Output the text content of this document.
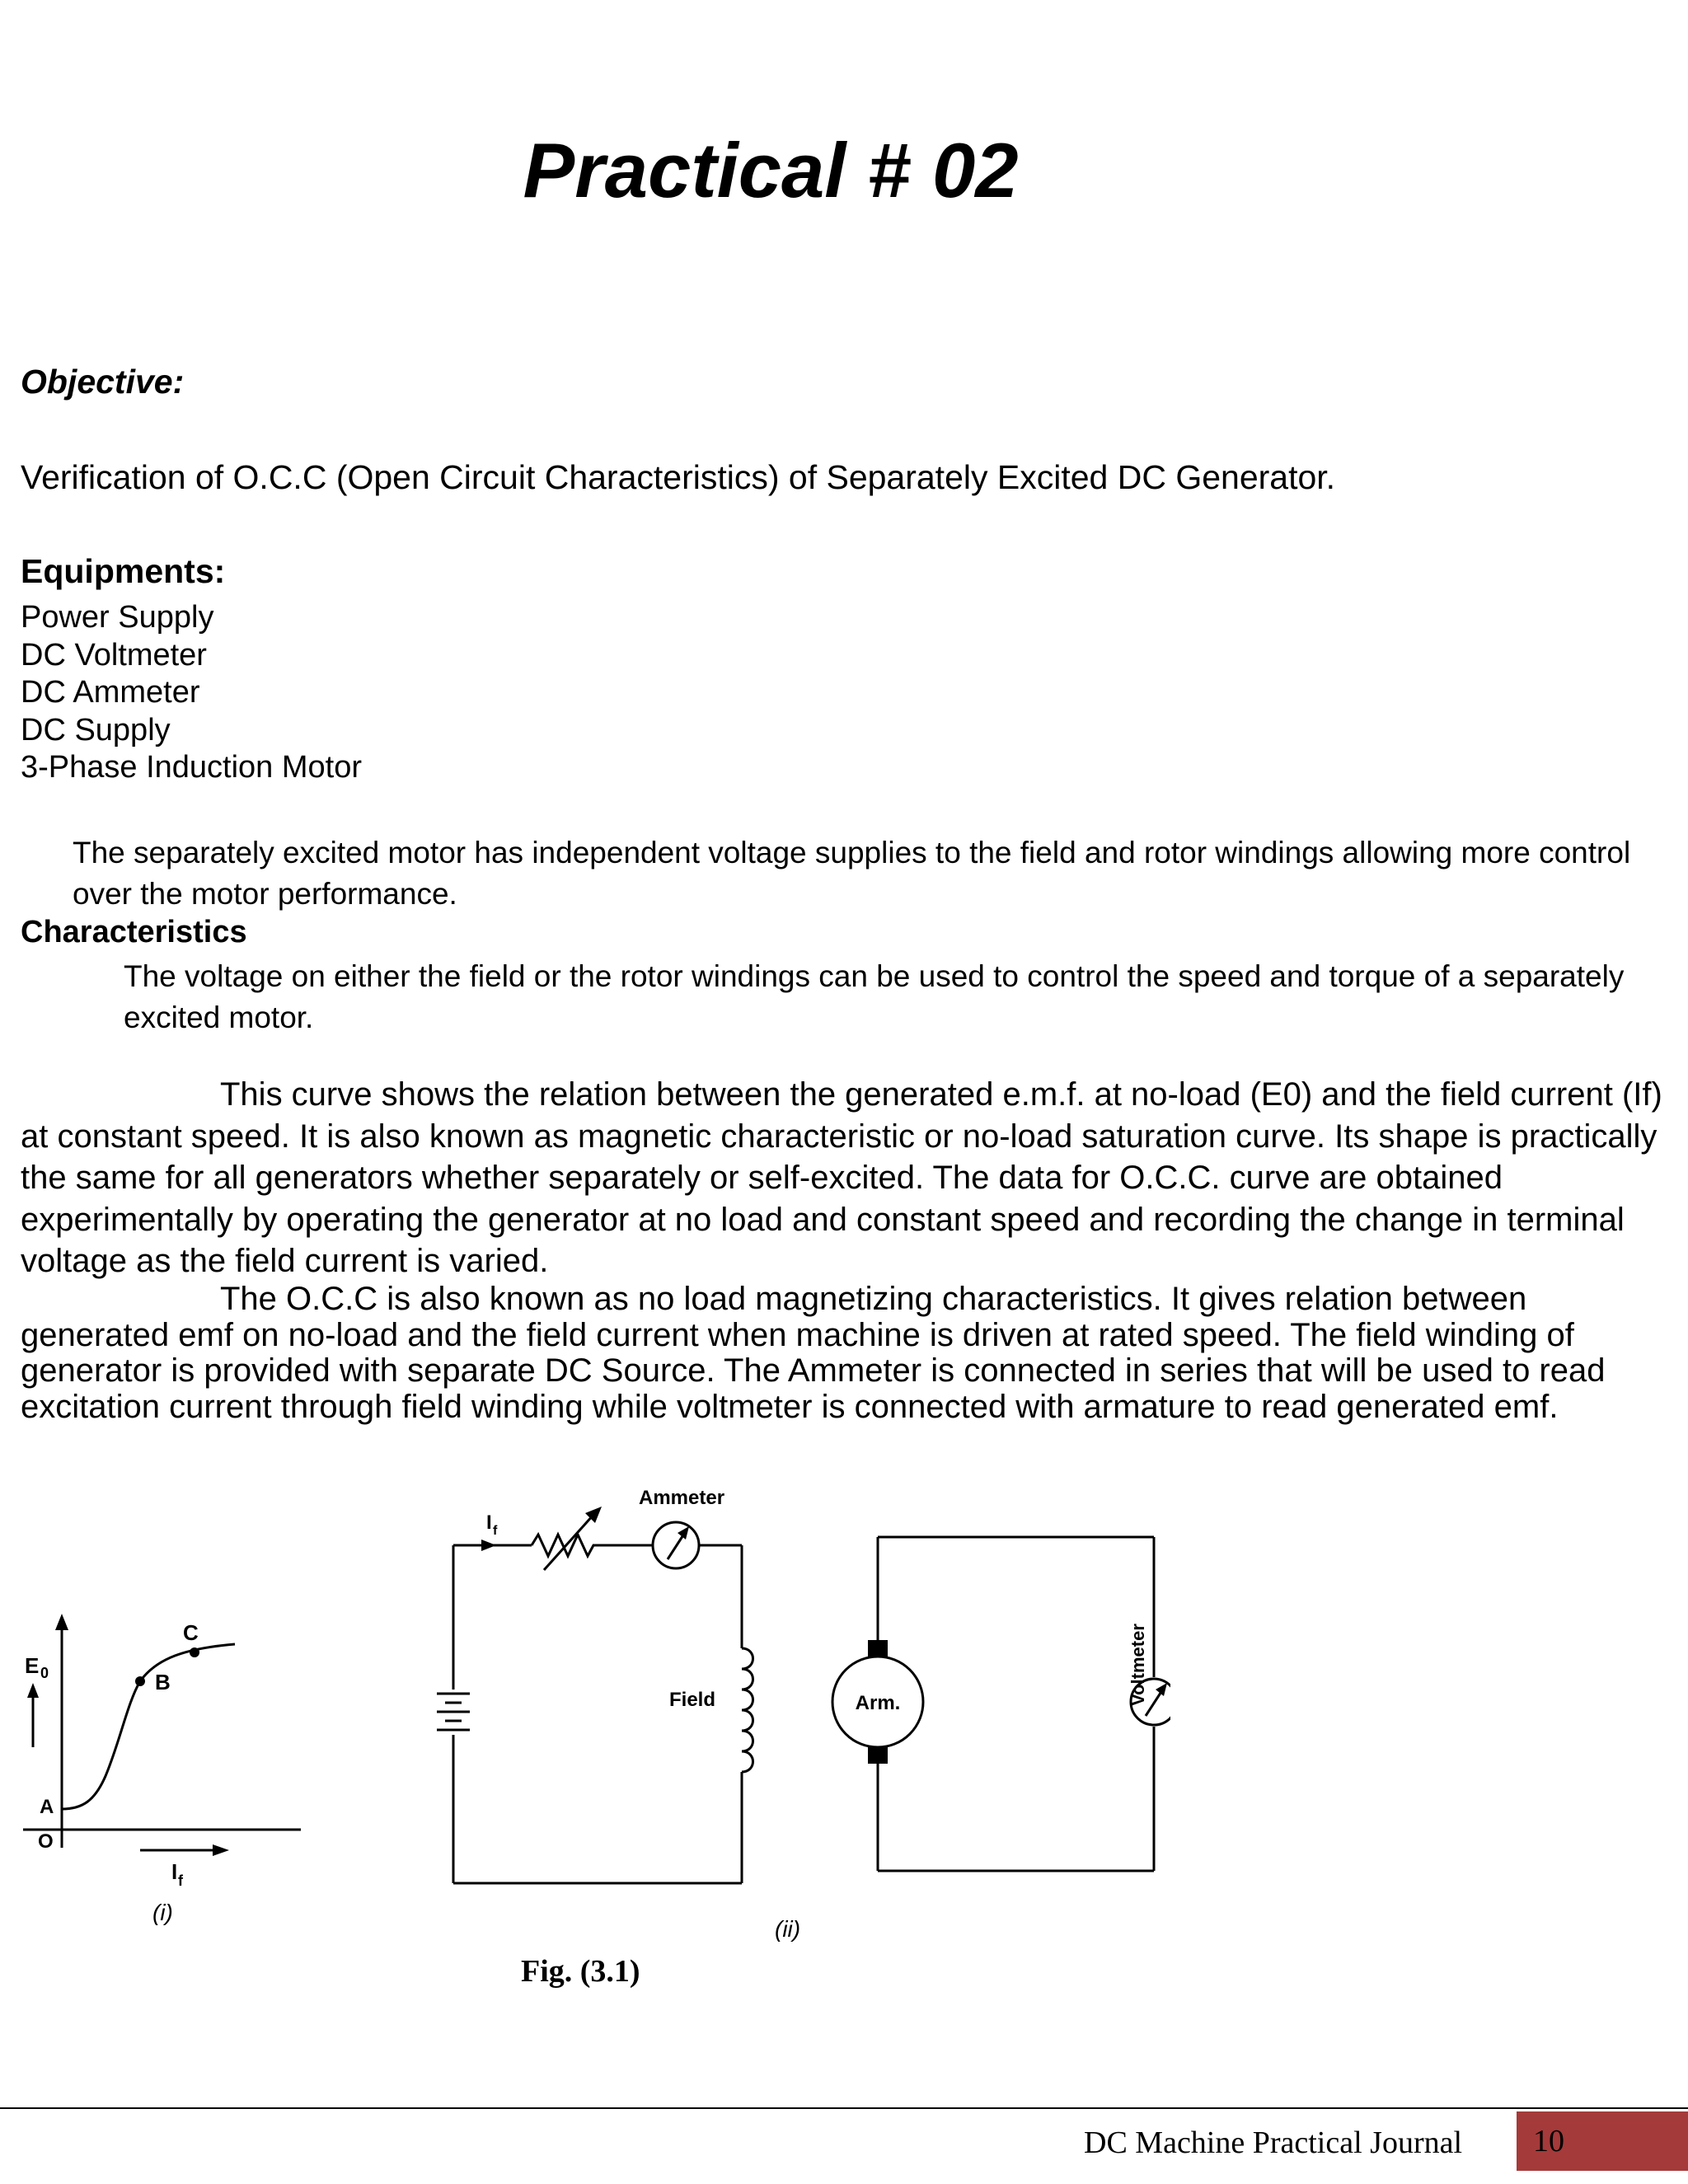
Practical # 02
Objective:
Verification of O.C.C (Open Circuit Characteristics) of Separately Excited DC Generator.
Equipments:
Power Supply
DC Voltmeter
DC Ammeter
DC Supply
3-Phase Induction Motor
The separately excited motor has independent voltage supplies to the field and rotor windings allowing more control over the motor performance.
Characteristics
The voltage on either the field or the rotor windings can be used to control the speed and torque of a separately excited motor.
This curve shows the relation between the generated e.m.f. at no-load (E0) and the field current (If) at constant speed. It is also known as magnetic characteristic or no-load saturation curve. Its shape is practically the same for all generators whether separately or self-excited. The data for O.C.C. curve are obtained experimentally by operating the generator at no load and constant speed and recording the change in terminal voltage as the field current is varied.
The O.C.C is also known as no load magnetizing characteristics. It gives relation between generated emf on no-load and the field current when machine is driven at rated speed. The field winding of generator is provided with separate DC Source. The Ammeter is connected in series that will be used to read excitation current through field winding while voltmeter is connected with armature to read generated emf.
C
B
A
O
E 0
I f
(i)
I f
Ammeter
Field	Arm.	Voltmeter
(ii)
Fig. (3.1)
DC Machine Practical Journal	10
